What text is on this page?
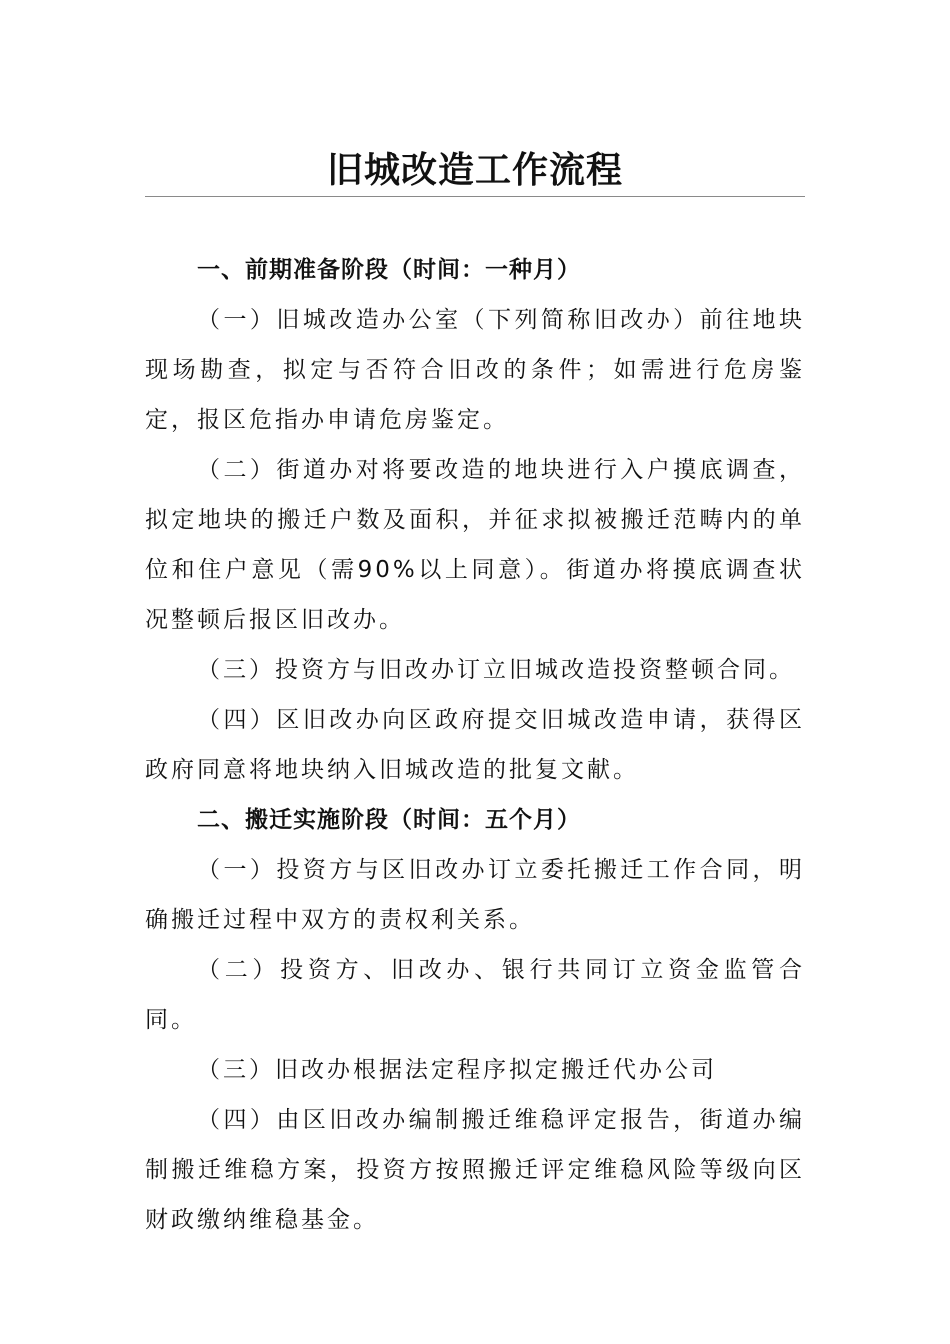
旧城改造工作流程

一、前期准备阶段（时间：一种月）

（一）旧城改造办公室（下列简称旧改办）前往地块现场勘查，拟定与否符合旧改的条件；如需进行危房鉴定，报区危指办申请危房鉴定。

（二）街道办对将要改造的地块进行入户摸底调查，拟定地块的搬迁户数及面积，并征求拟被搬迁范畴内的单位和住户意见（需90%以上同意）。街道办将摸底调查状况整顿后报区旧改办。

（三）投资方与旧改办订立旧城改造投资整顿合同。

（四）区旧改办向区政府提交旧城改造申请，获得区政府同意将地块纳入旧城改造的批复文献。

二、搬迁实施阶段（时间：五个月）

（一）投资方与区旧改办订立委托搬迁工作合同，明确搬迁过程中双方的责权利关系。

（二）投资方、旧改办、银行共同订立资金监管合同。

（三）旧改办根据法定程序拟定搬迁代办公司

（四）由区旧改办编制搬迁维稳评定报告，街道办编制搬迁维稳方案，投资方按照搬迁评定维稳风险等级向区财政缴纳维稳基金。
